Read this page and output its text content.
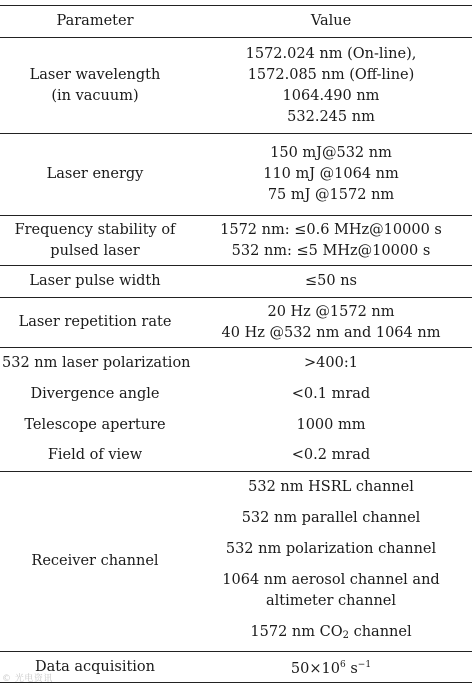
Parameter	Value

Laser wavelength
(in vacuum)	1572.024 nm (On-line),
1572.085 nm (Off-line)
1064.490 nm
532.245 nm

Laser energy	150 mJ@532 nm
110 mJ @1064 nm
75 mJ @1572 nm

Frequency stability of
pulsed laser	1572 nm: ≤0.6 MHz@10000 s
532 nm: ≤5 MHz@10000 s

Laser pulse width	≤50 ns
Laser repetition rate	20 Hz @1572 nm
40 Hz @532 nm and 1064 nm

532 nm laser polarization	>400:1
Divergence angle	<0.1 mrad
Telescope aperture	1000 mm
Field of view	<0.2 mrad
Receiver channel	532 nm HSRL channel
532 nm parallel channel
532 nm polarization channel
1064 nm aerosol channel and altimeter channel
1572 nm $CO_2$ channel

Data acquisition	$50\times 10^6$ $s^{-1}$
© 光电资讯
